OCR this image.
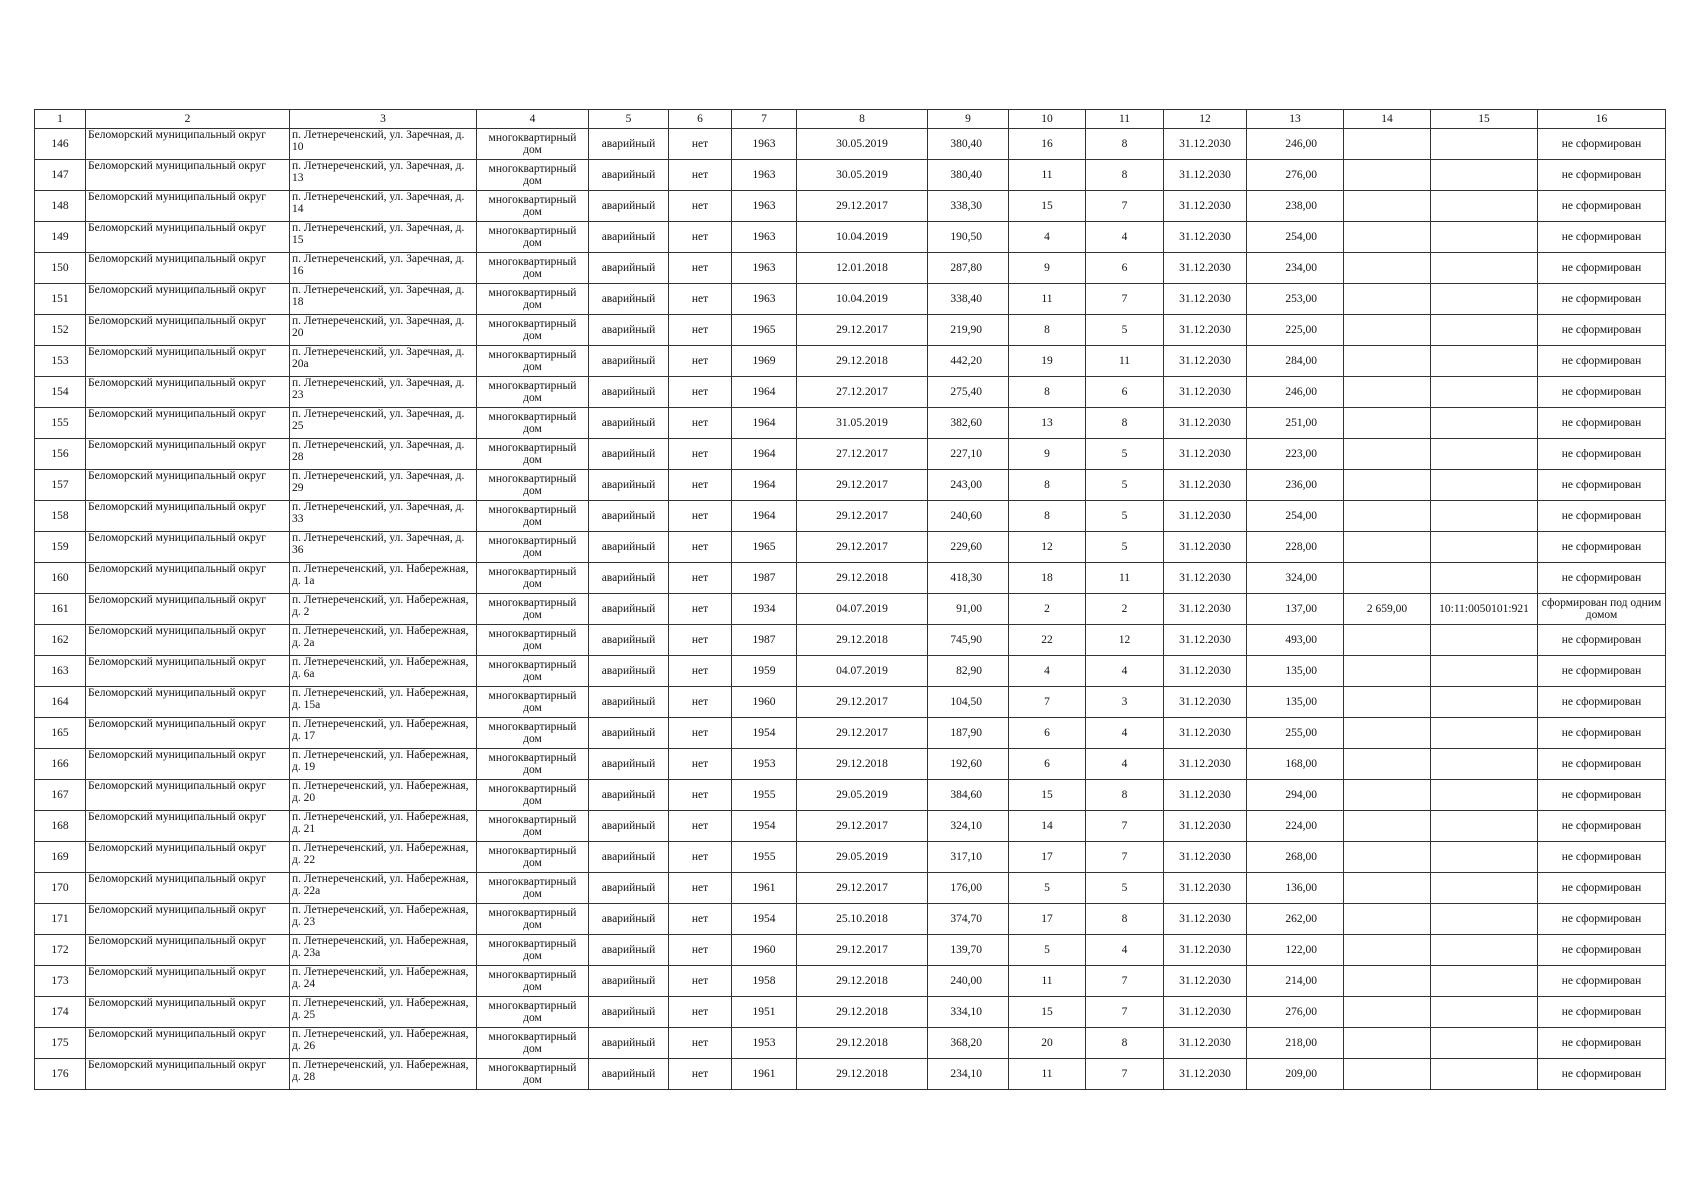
1	2	3	4	5	6	7	8	9	10	11	12	13	14	15	16
146	Беломорский муниципальный округ	п. Летнереченский, ул. Заречная, д. 10	многоквартирный дом	аварийный	нет	1963	30.05.2019	380,40	16	8	31.12.2030	246,00			не сформирован
147	Беломорский муниципальный округ	п. Летнереченский, ул. Заречная, д. 13	многоквартирный дом	аварийный	нет	1963	30.05.2019	380,40	11	8	31.12.2030	276,00			не сформирован
148	Беломорский муниципальный округ	п. Летнереченский, ул. Заречная, д. 14	многоквартирный дом	аварийный	нет	1963	29.12.2017	338,30	15	7	31.12.2030	238,00			не сформирован
149	Беломорский муниципальный округ	п. Летнереченский, ул. Заречная, д. 15	многоквартирный дом	аварийный	нет	1963	10.04.2019	190,50	4	4	31.12.2030	254,00			не сформирован
150	Беломорский муниципальный округ	п. Летнереченский, ул. Заречная, д. 16	многоквартирный дом	аварийный	нет	1963	12.01.2018	287,80	9	6	31.12.2030	234,00			не сформирован
151	Беломорский муниципальный округ	п. Летнереченский, ул. Заречная, д. 18	многоквартирный дом	аварийный	нет	1963	10.04.2019	338,40	11	7	31.12.2030	253,00			не сформирован
152	Беломорский муниципальный округ	п. Летнереченский, ул. Заречная, д. 20	многоквартирный дом	аварийный	нет	1965	29.12.2017	219,90	8	5	31.12.2030	225,00			не сформирован
153	Беломорский муниципальный округ	п. Летнереченский, ул. Заречная, д. 20а	многоквартирный дом	аварийный	нет	1969	29.12.2018	442,20	19	11	31.12.2030	284,00			не сформирован
154	Беломорский муниципальный округ	п. Летнереченский, ул. Заречная, д. 23	многоквартирный дом	аварийный	нет	1964	27.12.2017	275,40	8	6	31.12.2030	246,00			не сформирован
155	Беломорский муниципальный округ	п. Летнереченский, ул. Заречная, д. 25	многоквартирный дом	аварийный	нет	1964	31.05.2019	382,60	13	8	31.12.2030	251,00			не сформирован
156	Беломорский муниципальный округ	п. Летнереченский, ул. Заречная, д. 28	многоквартирный дом	аварийный	нет	1964	27.12.2017	227,10	9	5	31.12.2030	223,00			не сформирован
157	Беломорский муниципальный округ	п. Летнереченский, ул. Заречная, д. 29	многоквартирный дом	аварийный	нет	1964	29.12.2017	243,00	8	5	31.12.2030	236,00			не сформирован
158	Беломорский муниципальный округ	п. Летнереченский, ул. Заречная, д. 33	многоквартирный дом	аварийный	нет	1964	29.12.2017	240,60	8	5	31.12.2030	254,00			не сформирован
159	Беломорский муниципальный округ	п. Летнереченский, ул. Заречная, д. 36	многоквартирный дом	аварийный	нет	1965	29.12.2017	229,60	12	5	31.12.2030	228,00			не сформирован
160	Беломорский муниципальный округ	п. Летнереченский, ул. Набережная, д. 1а	многоквартирный дом	аварийный	нет	1987	29.12.2018	418,30	18	11	31.12.2030	324,00			не сформирован
161	Беломорский муниципальный округ	п. Летнереченский, ул. Набережная, д. 2	многоквартирный дом	аварийный	нет	1934	04.07.2019	91,00	2	2	31.12.2030	137,00	2 659,00	10:11:0050101:921	сформирован под одним домом
162	Беломорский муниципальный округ	п. Летнереченский, ул. Набережная, д. 2а	многоквартирный дом	аварийный	нет	1987	29.12.2018	745,90	22	12	31.12.2030	493,00			не сформирован
163	Беломорский муниципальный округ	п. Летнереченский, ул. Набережная, д. 6а	многоквартирный дом	аварийный	нет	1959	04.07.2019	82,90	4	4	31.12.2030	135,00			не сформирован
164	Беломорский муниципальный округ	п. Летнереченский, ул. Набережная, д. 15а	многоквартирный дом	аварийный	нет	1960	29.12.2017	104,50	7	3	31.12.2030	135,00			не сформирован
165	Беломорский муниципальный округ	п. Летнереченский, ул. Набережная, д. 17	многоквартирный дом	аварийный	нет	1954	29.12.2017	187,90	6	4	31.12.2030	255,00			не сформирован
166	Беломорский муниципальный округ	п. Летнереченский, ул. Набережная, д. 19	многоквартирный дом	аварийный	нет	1953	29.12.2018	192,60	6	4	31.12.2030	168,00			не сформирован
167	Беломорский муниципальный округ	п. Летнереченский, ул. Набережная, д. 20	многоквартирный дом	аварийный	нет	1955	29.05.2019	384,60	15	8	31.12.2030	294,00			не сформирован
168	Беломорский муниципальный округ	п. Летнереченский, ул. Набережная, д. 21	многоквартирный дом	аварийный	нет	1954	29.12.2017	324,10	14	7	31.12.2030	224,00			не сформирован
169	Беломорский муниципальный округ	п. Летнереченский, ул. Набережная, д. 22	многоквартирный дом	аварийный	нет	1955	29.05.2019	317,10	17	7	31.12.2030	268,00			не сформирован
170	Беломорский муниципальный округ	п. Летнереченский, ул. Набережная, д. 22а	многоквартирный дом	аварийный	нет	1961	29.12.2017	176,00	5	5	31.12.2030	136,00			не сформирован
171	Беломорский муниципальный округ	п. Летнереченский, ул. Набережная, д. 23	многоквартирный дом	аварийный	нет	1954	25.10.2018	374,70	17	8	31.12.2030	262,00			не сформирован
172	Беломорский муниципальный округ	п. Летнереченский, ул. Набережная, д. 23а	многоквартирный дом	аварийный	нет	1960	29.12.2017	139,70	5	4	31.12.2030	122,00			не сформирован
173	Беломорский муниципальный округ	п. Летнереченский, ул. Набережная, д. 24	многоквартирный дом	аварийный	нет	1958	29.12.2018	240,00	11	7	31.12.2030	214,00			не сформирован
174	Беломорский муниципальный округ	п. Летнереченский, ул. Набережная, д. 25	многоквартирный дом	аварийный	нет	1951	29.12.2018	334,10	15	7	31.12.2030	276,00			не сформирован
175	Беломорский муниципальный округ	п. Летнереченский, ул. Набережная, д. 26	многоквартирный дом	аварийный	нет	1953	29.12.2018	368,20	20	8	31.12.2030	218,00			не сформирован
176	Беломорский муниципальный округ	п. Летнереченский, ул. Набережная, д. 28	многоквартирный дом	аварийный	нет	1961	29.12.2018	234,10	11	7	31.12.2030	209,00			не сформирован
